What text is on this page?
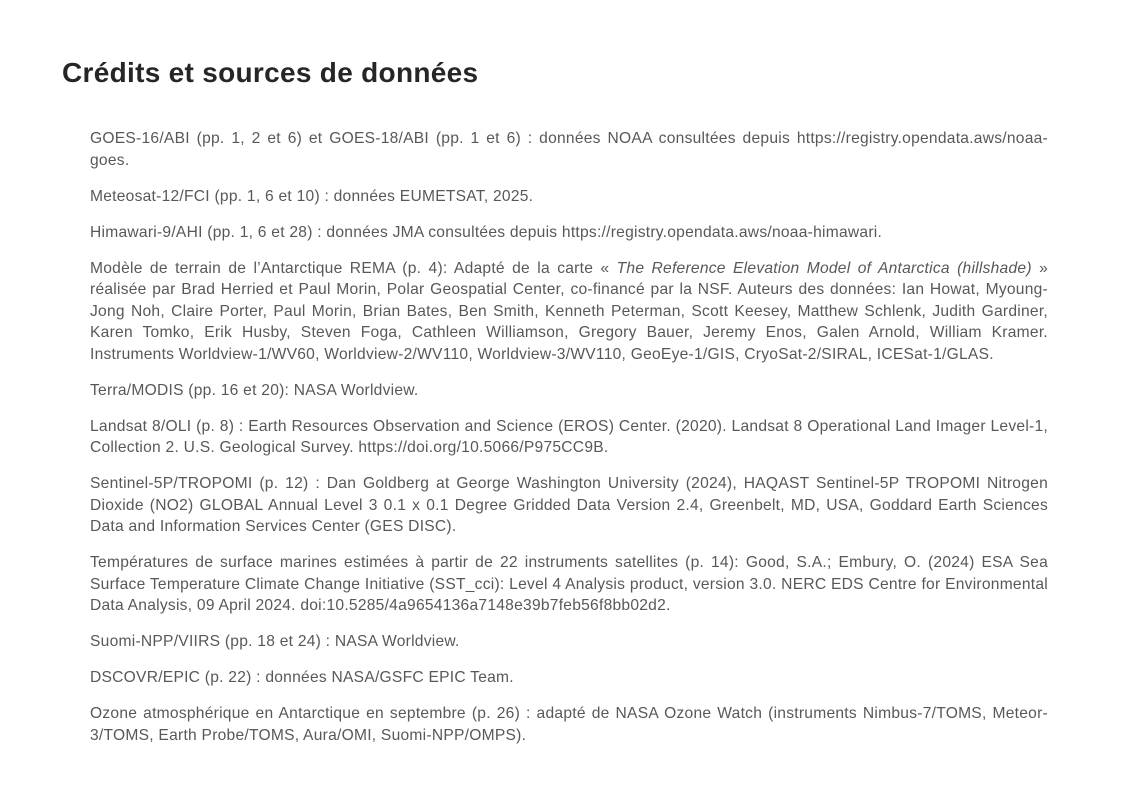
Crédits et sources de données

GOES-16/ABI (pp. 1, 2 et 6) et GOES-18/ABI (pp. 1 et 6) : données NOAA consultées depuis https://registry.opendata.aws/noaa-goes.

Meteosat-12/FCI (pp. 1, 6 et 10) : données EUMETSAT, 2025.

Himawari-9/AHI (pp. 1, 6 et 28) : données JMA consultées depuis https://registry.opendata.aws/noaa-himawari.

Modèle de terrain de l’Antarctique REMA (p. 4): Adapté de la carte « The Reference Elevation Model of Antarctica (hillshade) » réalisée par Brad Herried et Paul Morin, Polar Geospatial Center, co-financé par la NSF. Auteurs des données: Ian Howat, Myoung-Jong Noh, Claire Porter, Paul Morin, Brian Bates, Ben Smith, Kenneth Peterman, Scott Keesey, Matthew Schlenk, Judith Gardiner, Karen Tomko, Erik Husby, Steven Foga, Cathleen Williamson, Gregory Bauer, Jeremy Enos, Galen Arnold, William Kramer. Instruments Worldview-1/WV60, Worldview-2/WV110, Worldview-3/WV110, GeoEye-1/GIS, CryoSat-2/SIRAL, ICESat-1/GLAS.

Terra/MODIS (pp. 16 et 20): NASA Worldview.

Landsat 8/OLI (p. 8) : Earth Resources Observation and Science (EROS) Center. (2020). Landsat 8 Operational Land Imager Level-1, Collection 2. U.S. Geological Survey. https://doi.org/10.5066/P975CC9B.

Sentinel-5P/TROPOMI (p. 12) : Dan Goldberg at George Washington University (2024), HAQAST Sentinel-5P TROPOMI Nitrogen Dioxide (NO2) GLOBAL Annual Level 3 0.1 x 0.1 Degree Gridded Data Version 2.4, Greenbelt, MD, USA, Goddard Earth Sciences Data and Information Services Center (GES DISC).

Températures de surface marines estimées à partir de 22 instruments satellites (p. 14): Good, S.A.; Embury, O. (2024) ESA Sea Surface Temperature Climate Change Initiative (SST_cci): Level 4 Analysis product, version 3.0. NERC EDS Centre for Environmental Data Analysis, 09 April 2024. doi:10.5285/4a9654136a7148e39b7feb56f8bb02d2.

Suomi-NPP/VIIRS (pp. 18 et 24) : NASA Worldview.

DSCOVR/EPIC (p. 22) : données NASA/GSFC EPIC Team.

Ozone atmosphérique en Antarctique en septembre (p. 26) : adapté de NASA Ozone Watch (instruments Nimbus-7/TOMS, Meteor-3/TOMS, Earth Probe/TOMS, Aura/OMI, Suomi-NPP/OMPS).
